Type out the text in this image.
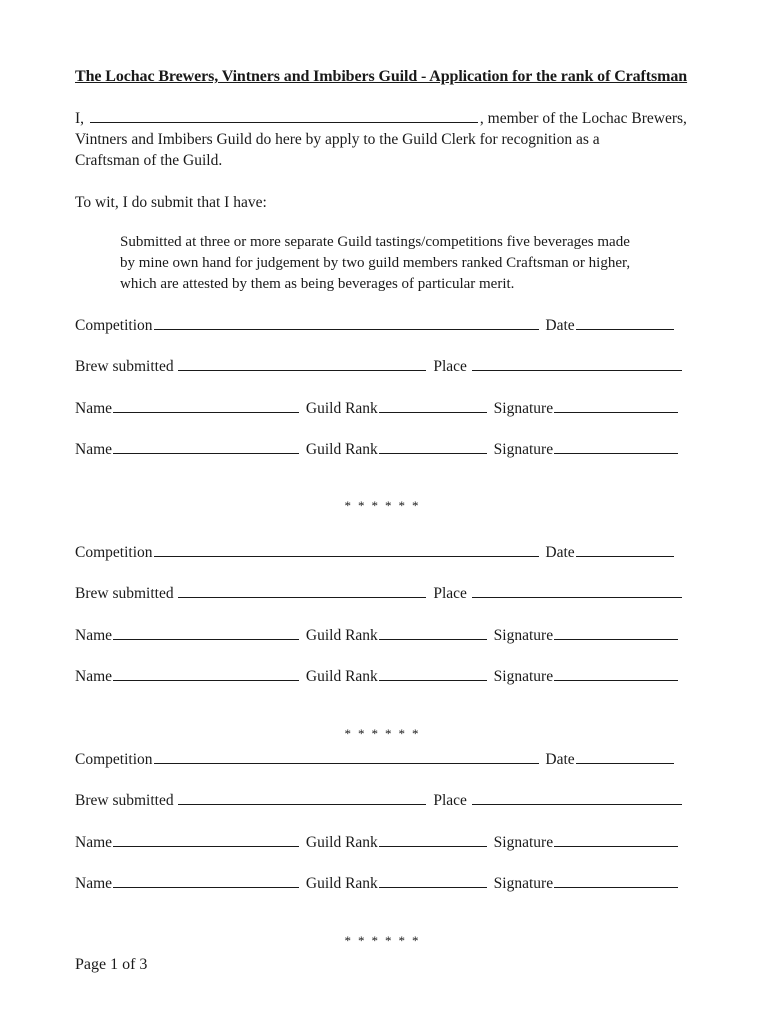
The Lochac Brewers, Vintners and Imbibers Guild - Application for the rank of Craftsman
I,	, member of the Lochac Brewers,
Vintners and Imbibers Guild do here by apply to the Guild Clerk for recognition as a
Craftsman of the Guild.
To wit, I do submit that I have:
Submitted at three or more separate Guild tastings/competitions five beverages made
by mine own hand for judgement by two guild members ranked Craftsman or higher,
which are attested by them as being beverages of particular merit.
Competition	Date
Brew submitted	Place
Name	Guild Rank	Signature
Name	Guild Rank	Signature
******
Competition	Date
Brew submitted	Place
Name	Guild Rank	Signature
Name	Guild Rank	Signature
******
Competition	Date
Brew submitted	Place
Name	Guild Rank	Signature
Name	Guild Rank	Signature
******
Page 1 of 3
